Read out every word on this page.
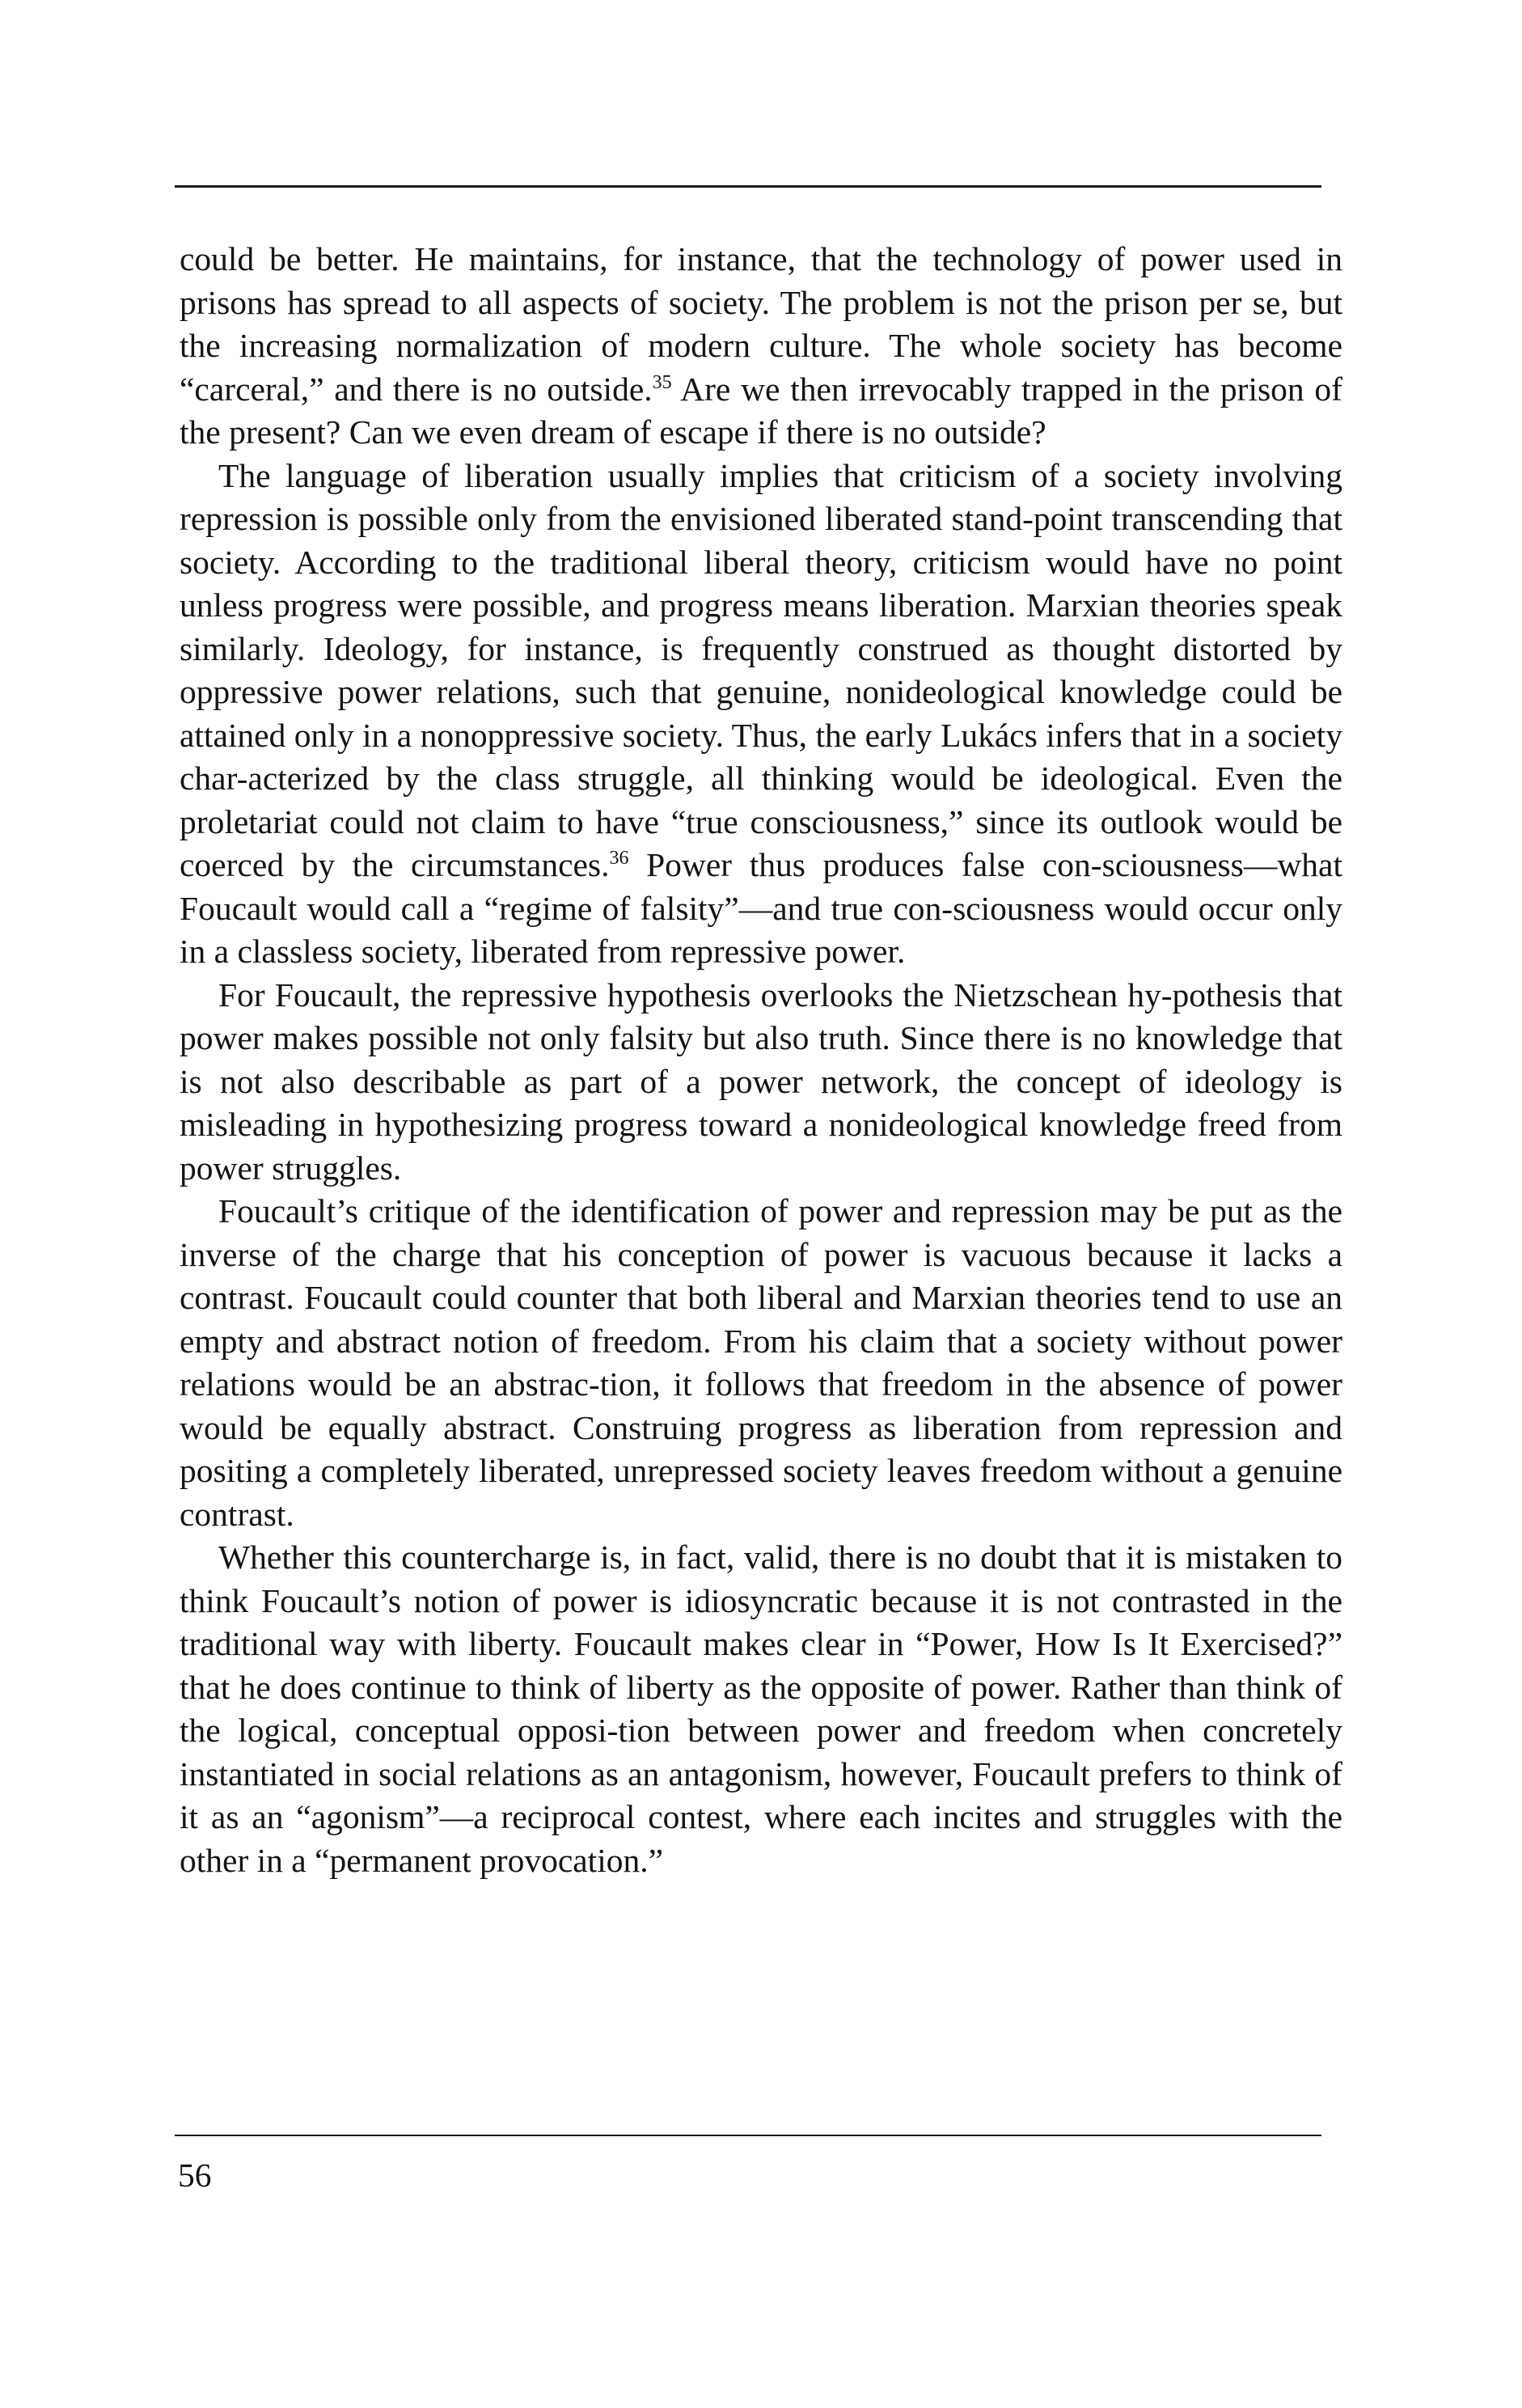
could be better. He maintains, for instance, that the technology of power used in prisons has spread to all aspects of society. The problem is not the prison per se, but the increasing normalization of modern culture. The whole society has become “carceral,” and there is no outside.$^{35}$ Are we then irrevocably trapped in the prison of the present? Can we even dream of escape if there is no outside?

The language of liberation usually implies that criticism of a society involving repression is possible only from the envisioned liberated stand-point transcending that society. According to the traditional liberal theory, criticism would have no point unless progress were possible, and progress means liberation. Marxian theories speak similarly. Ideology, for instance, is frequently construed as thought distorted by oppressive power relations, such that genuine, nonideological knowledge could be attained only in a nonoppressive society. Thus, the early Lukács infers that in a society char-acterized by the class struggle, all thinking would be ideological. Even the proletariat could not claim to have “true consciousness,” since its outlook would be coerced by the circumstances.$^{36}$ Power thus produces false con-sciousness—what Foucault would call a “regime of falsity”—and true con-sciousness would occur only in a classless society, liberated from repressive power.

For Foucault, the repressive hypothesis overlooks the Nietzschean hy-pothesis that power makes possible not only falsity but also truth. Since there is no knowledge that is not also describable as part of a power network, the concept of ideology is misleading in hypothesizing progress toward a nonideological knowledge freed from power struggles.

Foucault’s critique of the identification of power and repression may be put as the inverse of the charge that his conception of power is vacuous because it lacks a contrast. Foucault could counter that both liberal and Marxian theories tend to use an empty and abstract notion of freedom. From his claim that a society without power relations would be an abstrac-tion, it follows that freedom in the absence of power would be equally abstract. Construing progress as liberation from repression and positing a completely liberated, unrepressed society leaves freedom without a genuine contrast.

Whether this countercharge is, in fact, valid, there is no doubt that it is mistaken to think Foucault’s notion of power is idiosyncratic because it is not contrasted in the traditional way with liberty. Foucault makes clear in “Power, How Is It Exercised?” that he does continue to think of liberty as the opposite of power. Rather than think of the logical, conceptual opposi-tion between power and freedom when concretely instantiated in social relations as an antagonism, however, Foucault prefers to think of it as an “agonism”—a reciprocal contest, where each incites and struggles with the other in a “permanent provocation.”

56
